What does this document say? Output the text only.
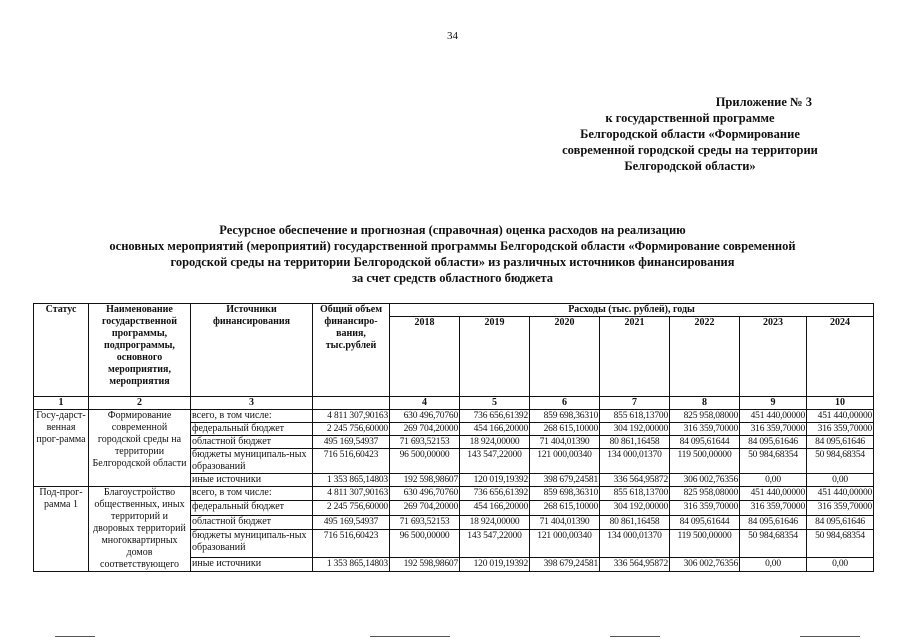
34
Приложение № 3
к государственной программе
Белгородской области «Формирование
современной городской среды на территории
Белгородской области»
Ресурсное обеспечение и прогнозная (справочная) оценка расходов на реализацию
основных мероприятий (мероприятий) государственной программы Белгородской области «Формирование современной
городской среды на территории Белгородской области» из различных источников финансирования
за счет средств областного бюджета
Статус	Наименование государственной программы, подпрограммы, основного мероприятия, мероприятия	Источники финансирования	Общий объем финансиро-вания, тыс.рублей	Расходы (тыс. рублей), годы						
				2018	2019	2020	2021	2022	2023	2024
1	2	3		4	5	6	7	8	9	10
Госу-дарст-венная прог-рамма	Формирование современной городской среды на территории Белгородской области	всего, в том числе:	4 811 307,90163	630 496,70760	736 656,61392	859 698,36310	855 618,13700	825 958,08000	451 440,00000	451 440,00000
		федеральный бюджет	2 245 756,60000	269 704,20000	454 166,20000	268 615,10000	304 192,00000	316 359,70000	316 359,70000	316 359,70000
		областной бюджет	495 169,54937	71 693,52153	18 924,00000	71 404,01390	80 861,16458	84 095,61644	84 095,61646	84 095,61646
		бюджеты муниципаль-ных образований	716 516,60423	96 500,00000	143 547,22000	121 000,00340	134 000,01370	119 500,00000	50 984,68354	50 984,68354
		иные источники	1 353 865,14803	192 598,98607	120 019,19392	398 679,24581	336 564,95872	306 002,76356	0,00	0,00
Под-прог-рамма 1	Благоустройство общественных, иных территорий и дворовых территорий многоквартирных домов соответствующего	всего, в том числе:	4 811 307,90163	630 496,70760	736 656,61392	859 698,36310	855 618,13700	825 958,08000	451 440,00000	451 440,00000
		федеральный бюджет	2 245 756,60000	269 704,20000	454 166,20000	268 615,10000	304 192,00000	316 359,70000	316 359,70000	316 359,70000
		областной бюджет	495 169,54937	71 693,52153	18 924,00000	71 404,01390	80 861,16458	84 095,61644	84 095,61646	84 095,61646
		бюджеты муниципаль-ных образований	716 516,60423	96 500,00000	143 547,22000	121 000,00340	134 000,01370	119 500,00000	50 984,68354	50 984,68354
		иные источники	1 353 865,14803	192 598,98607	120 019,19392	398 679,24581	336 564,95872	306 002,76356	0,00	0,00
